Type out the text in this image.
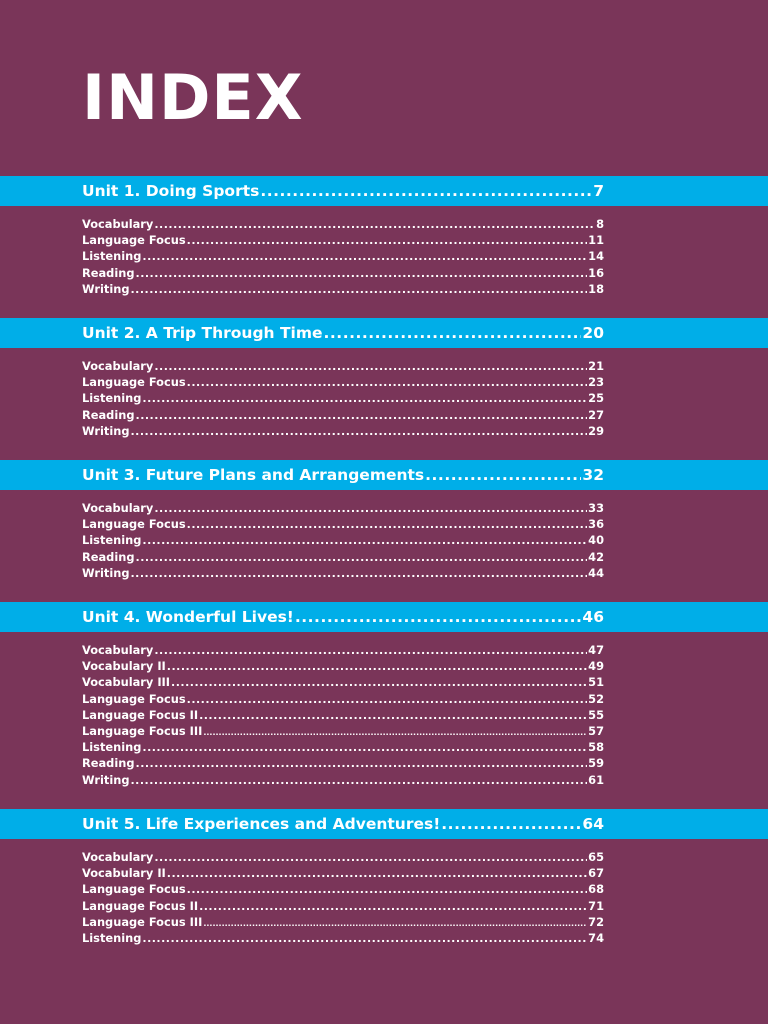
INDEX
Unit 1. Doing Sports .....	7
Vocabulary .....	8
Language Focus .....	11
Listening .....	14
Reading .....	16
Writing .....	18
Unit 2. A Trip Through Time .....	20
Vocabulary .....	21
Language Focus .....	23
Listening .....	25
Reading .....	27
Writing .....	29
Unit 3. Future Plans and Arrangements .....	32
Vocabulary .....	33
Language Focus .....	36
Listening .....	40
Reading .....	42
Writing .....	44
Unit 4. Wonderful Lives! .....	46
Vocabulary .....	47
Vocabulary II .....	49
Vocabulary III .....	51
Language Focus .....	52
Language Focus II .....	55
Language Focus III .....	57
Listening .....	58
Reading .....	59
Writing .....	61
Unit 5. Life Experiences and Adventures! .....	64
Vocabulary .....	65
Vocabulary II .....	67
Language Focus .....	68
Language Focus II .....	71
Language Focus III .....	72
Listening .....	74
